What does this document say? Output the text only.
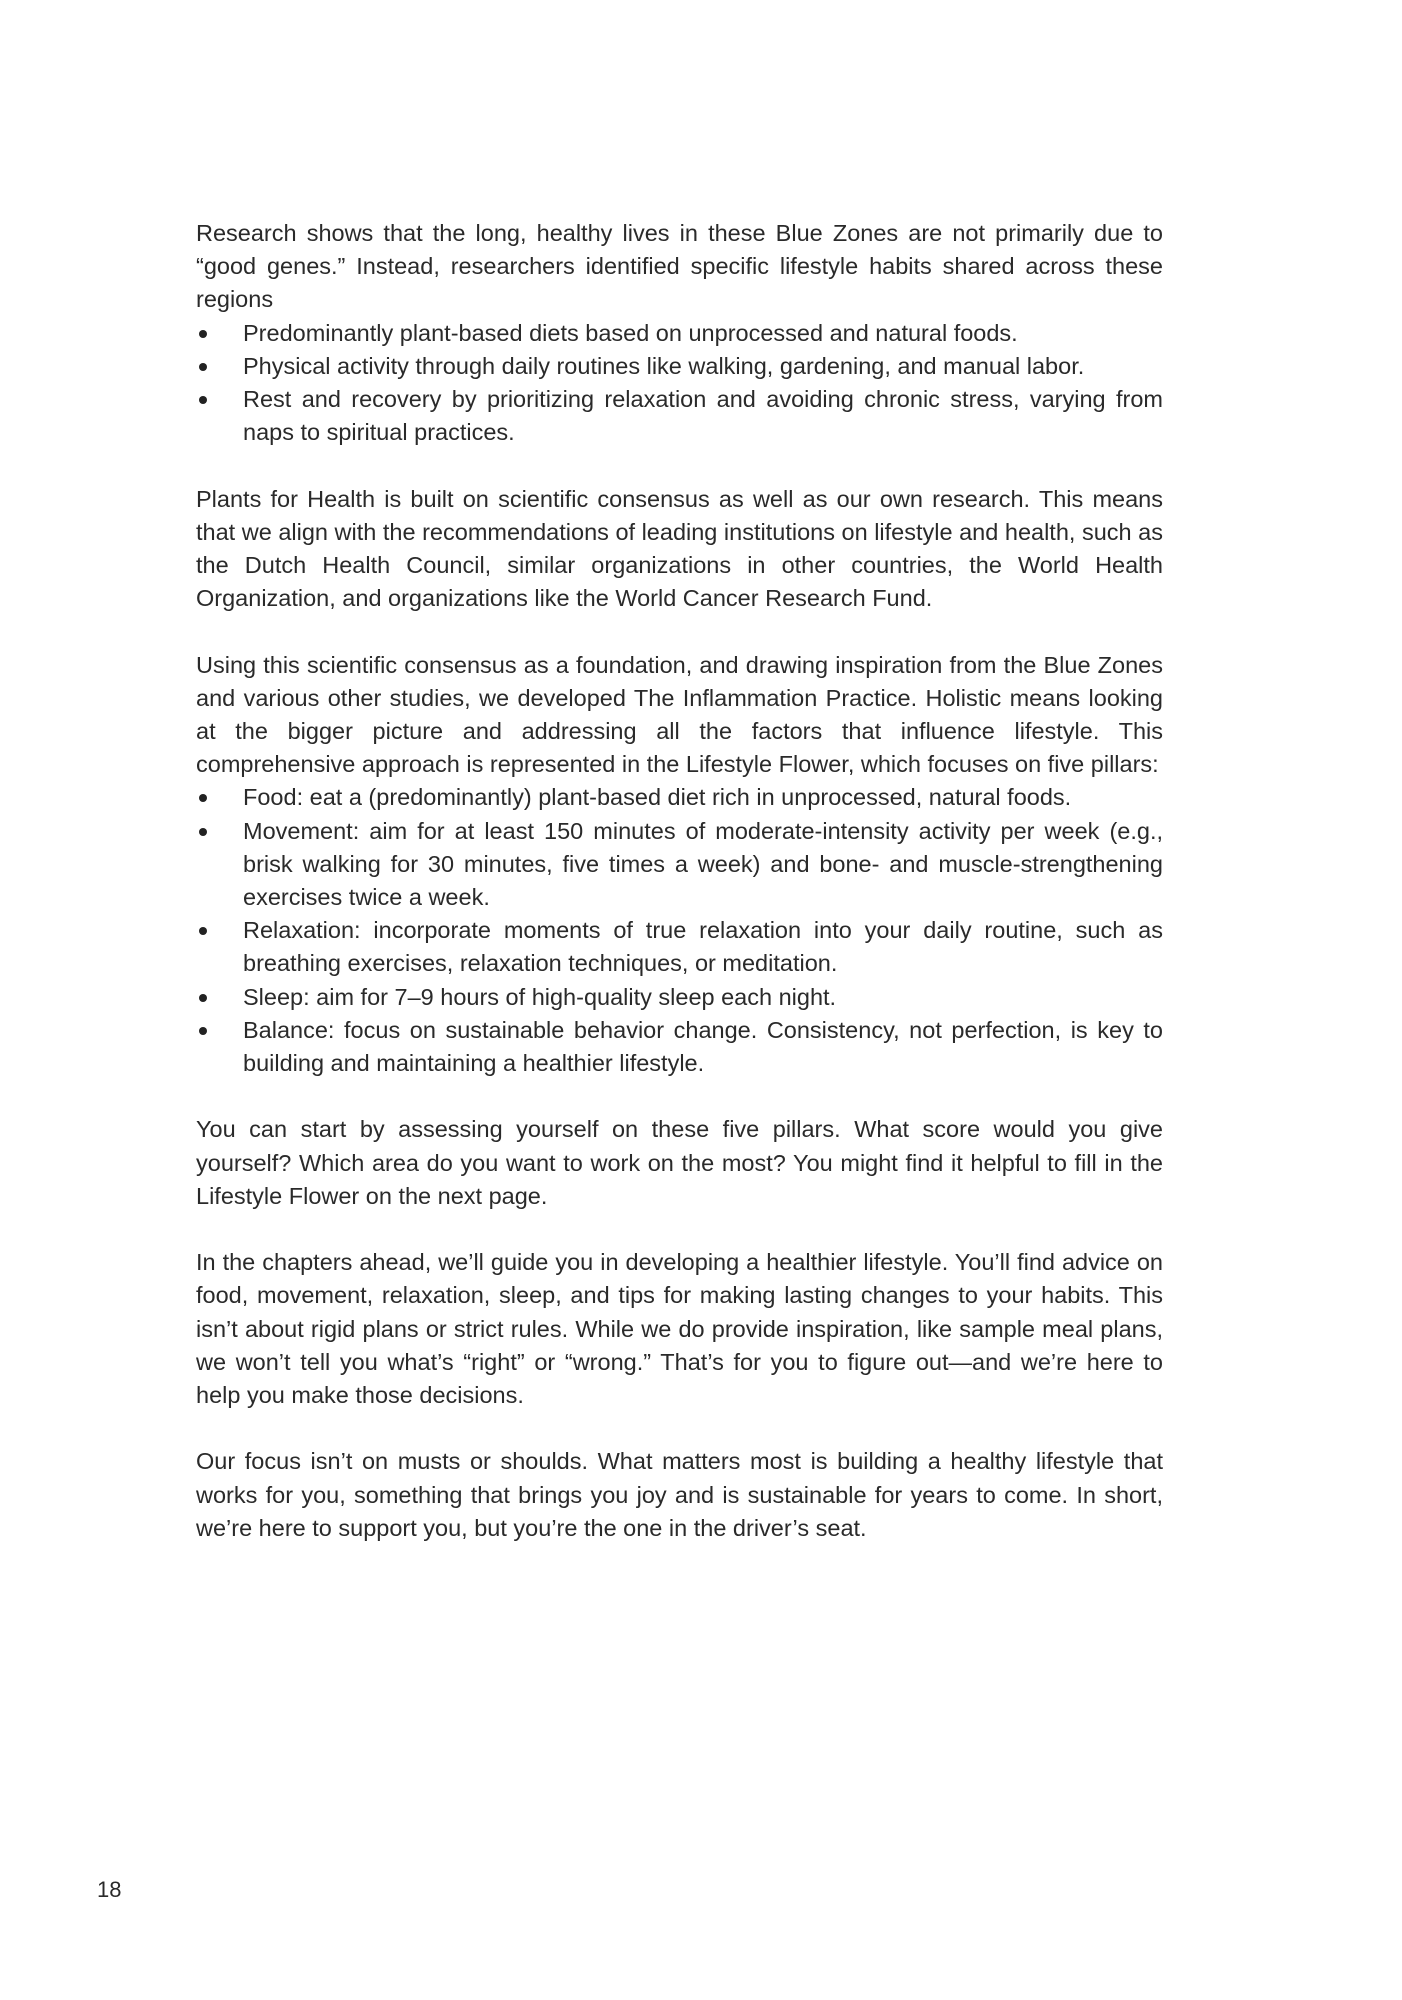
Research shows that the long, healthy lives in these Blue Zones are not primarily due to “good genes.” Instead, researchers identified specific lifestyle habits shared across these regions

Predominantly plant-based diets based on unprocessed and natural foods.
Physical activity through daily routines like walking, gardening, and manual labor.
Rest and recovery by prioritizing relaxation and avoiding chronic stress, varying from naps to spiritual practices.

Plants for Health is built on scientific consensus as well as our own research. This means that we align with the recommendations of leading institutions on lifestyle and health, such as the Dutch Health Council, similar organizations in other countries, the World Health Organization, and organizations like the World Cancer Research Fund.

Using this scientific consensus as a foundation, and drawing inspiration from the Blue Zones and various other studies, we developed The Inflammation Practice. Holistic means looking at the bigger picture and addressing all the factors that influence lifestyle. This comprehensive approach is represented in the Lifestyle Flower, which focuses on five pillars:

Food: eat a (predominantly) plant-based diet rich in unprocessed, natural foods.
Movement: aim for at least 150 minutes of moderate-intensity activity per week (e.g., brisk walking for 30 minutes, five times a week) and bone- and muscle-strengthening exercises twice a week.
Relaxation: incorporate moments of true relaxation into your daily routine, such as breathing exercises, relaxation techniques, or meditation.
Sleep: aim for 7–9 hours of high-quality sleep each night.
Balance: focus on sustainable behavior change. Consistency, not perfection, is key to building and maintaining a healthier lifestyle.

You can start by assessing yourself on these five pillars. What score would you give yourself? Which area do you want to work on the most? You might find it helpful to fill in the Lifestyle Flower on the next page.

In the chapters ahead, we’ll guide you in developing a healthier lifestyle. You’ll find advice on food, movement, relaxation, sleep, and tips for making lasting changes to your habits. This isn’t about rigid plans or strict rules. While we do provide inspiration, like sample meal plans, we won’t tell you what’s “right” or “wrong.” That’s for you to figure out—and we’re here to help you make those decisions.

Our focus isn’t on musts or shoulds. What matters most is building a healthy lifestyle that works for you, something that brings you joy and is sustainable for years to come. In short, we’re here to support you, but you’re the one in the driver’s seat.

18
